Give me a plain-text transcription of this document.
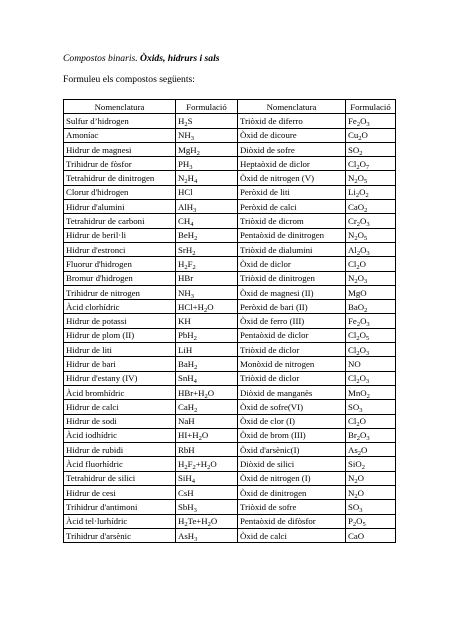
Compostos binaris. Òxids, hidrurs i sals
Formuleu els compostos següents:
Nomenclatura	Formulació	Nomenclatura	Formulació
Sulfur d’hidrogen	$H_2S$	Triòxid de diferro	$Fe_2O_3$
Amoníac	$NH_3$	Òxid de dicoure	$Cu_2O$
Hidrur de magnesi	MgH$_2$	Diòxid de sofre	$SO_2$
Trihidrur de fòsfor	$PH_3$	Heptaòxid de diclor	$Cl_2O_7$
Tetrahidrur de dinitrogen	$N_2H_4$	Òxid de nitrogen (V)	$N_2O_5$
Clorur d'hidrogen	HCl	Peròxid de liti	$Li_2O_2$
Hidrur d'alumini	AlH$_3$	Peròxid de calci	CaO$_2$
Tetrahidrur de carboni	$CH_4$	Triòxid de dicrom	$Cr_2O_3$
Hidrur de beril·li	BeH$_2$	Pentaòxid de dinitrogen	$N_2O_5$
Hidrur d'estronci	SrH$_2$	Triòxid de dialumini	$Al_2O_3$
Fluorur d'hidrogen	$H_2F_2$	Òxid de diclor	$Cl_2O$
Bromur d'hidrogen	HBr	Triòxid de dinitrogen	$N_2O_3$
Trihidrur de nitrogen	$NH_3$	Òxid de magnesi (II)	MgO
Àcid clorhídric	$HCl+H_2O$	Peròxid de bari (II)	BaO$_2$
Hidrur de potassi	KH	Òxid de ferro (III)	$Fe_2O_3$
Hidrur de plom (II)	PbH$_2$	Pentaòxid de diclor	$Cl_2O_5$
Hidrur de liti	LiH	Triòxid de diclor	$Cl_2O_3$
Hidrur de bari	BaH$_2$	Monòxid de nitrogen	NO
Hidrur d'estany (IV)	SnH$_4$	Triòxid de diclor	$Cl_2O_3$
Àcid bromhídric	$HBr+H_2O$	Diòxid de manganès	MnO$_2$
Hidrur de calci	CaH$_2$	Òxid de sofre(VI)	$SO_3$
Hidrur de sodi	NaH	Òxid de clor (I)	$Cl_2O$
Àcid iodhídric	$HI+H_2O$	Òxid de brom (III)	$Br_2O_3$
Hidrur de rubidi	RbH	Òxid d'arsènic(I)	$As_2O$
Àcid fluorhídric	$H_2F_2+H_2O$	Diòxid de silici	SiO$_2$
Tetrahidrur de silici	SiH$_4$	Òxid de nitrogen (I)	$N_2O$
Hidrur de cesi	CsH	Òxid de dinitrogen	$N_2O$
Trihidrur d'antimoni	SbH$_3$	Triòxid de sofre	$SO_3$
Àcid tel·lurhídric	$H_2Te+H_2O$	Pentaòxid de difòsfor	$P_2O_5$
Trihidrur d'arsènic	AsH$_3$	Òxid de calci	CaO
